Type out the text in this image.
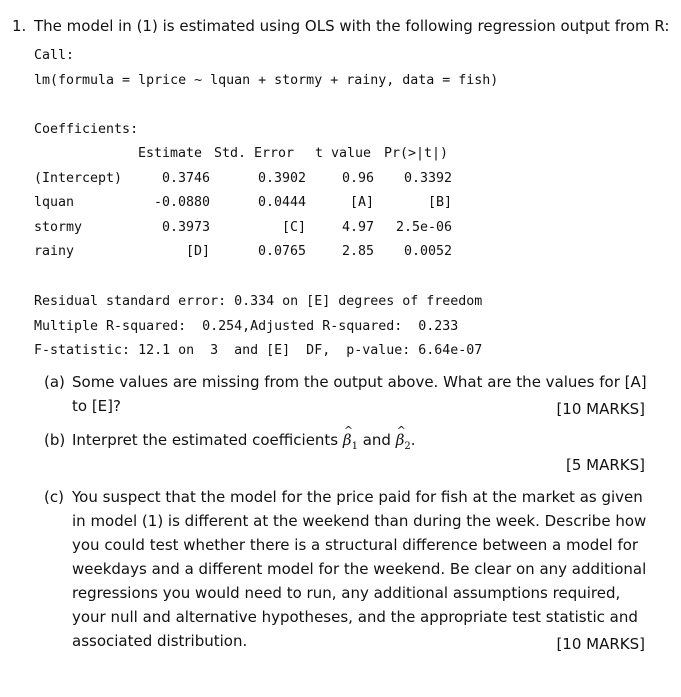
1. The model in (1) is estimated using OLS with the following regression output from R:
Call:
lm(formula = lprice ~ lquan + stormy + rainy, data = fish)
Coefficients:
Estimate Std. Error t value Pr(>|t|)
(Intercept)	0.3746	0.3902	0.96 0.3392
lquan	-0.0880	0.0444	[A]	[B]
stormy	0.3973	[C]	4.97 2.5e-06
rainy	[D]	0.0765	2.85 0.0052
Residual standard error: 0.334 on [E] degrees of freedom
Multiple R-squared:  0.254,Adjusted R-squared:  0.233
F-statistic: 12.1 on  3  and [E]  DF,  p-value: 6.64e-07
(a) Some values are missing from the output above. What are the values for [A] to [E]?	[10 MARKS]
(b) Interpret the estimated coefficients ^ $\beta_1$ and ^ $\beta_2$.
[5 MARKS]
(c) You suspect that the model for the price paid for fish at the market as given in model (1) is different at the weekend than during the week. Describe how you could test whether there is a structural difference between a model for weekdays and a different model for the weekend. Be clear on any additional regressions you would need to run, any additional assumptions required, your null and alternative hypotheses, and the appropriate test statistic and associated distribution.	[10 MARKS]
